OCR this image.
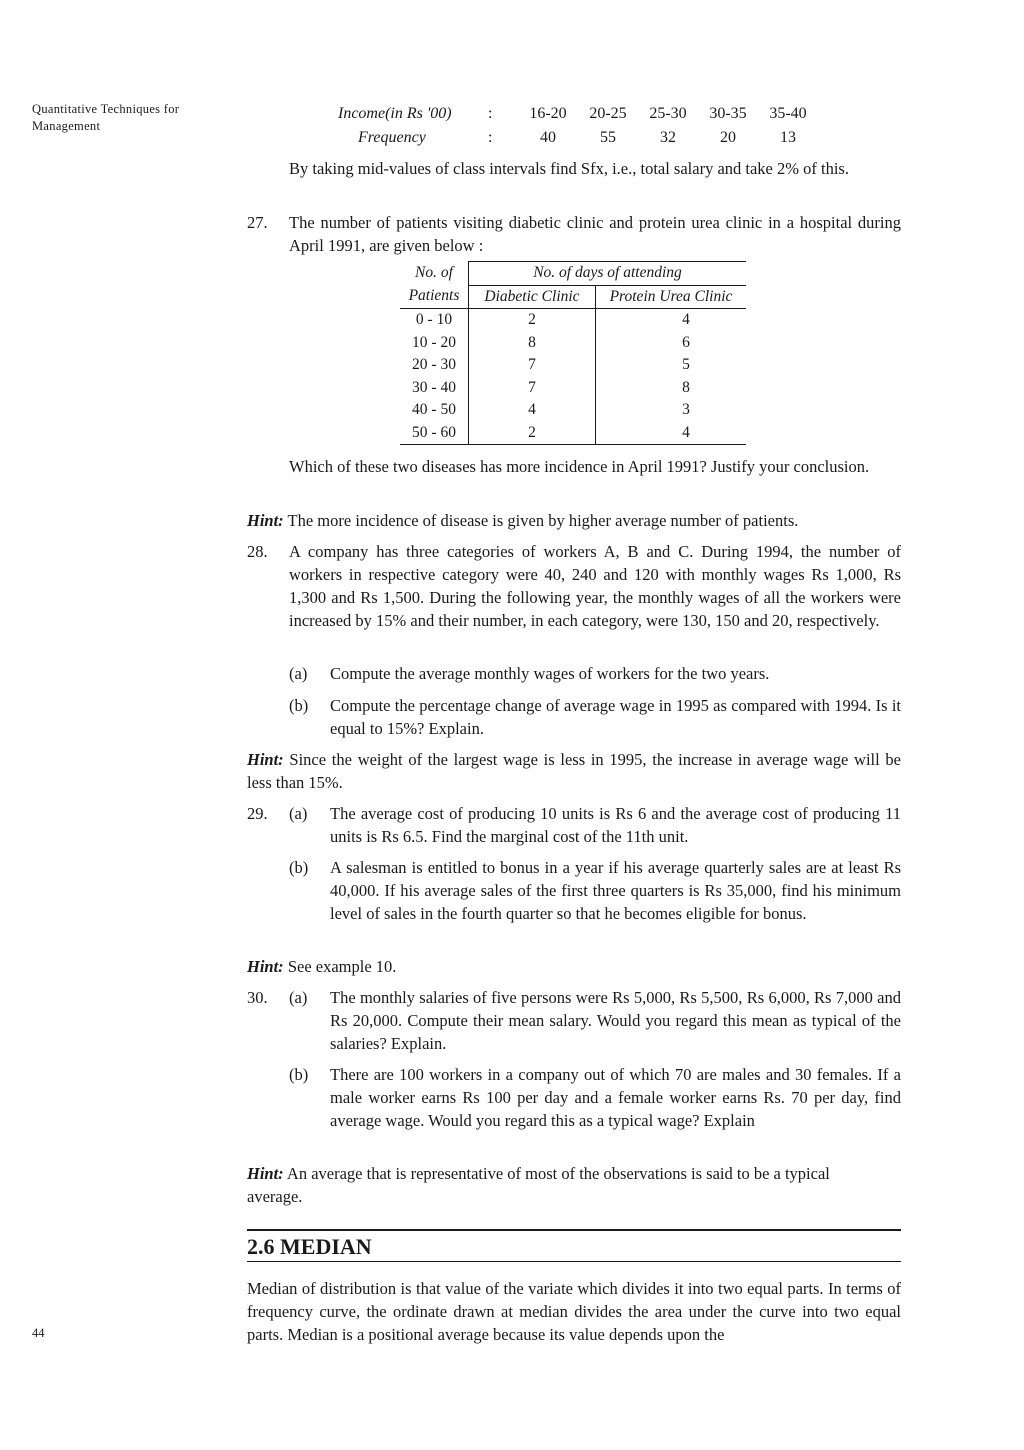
Quantitative Techniques for Management
Income(in Rs '00)	:	16-20	20-25	25-30	30-35	35-40
Frequency	:	40	55	32	20	13
By taking mid-values of class intervals find Sfx, i.e., total salary and take 2% of this.
27. The number of patients visiting diabetic clinic and protein urea clinic in a hospital during April 1991, are given below :
No. of	No. of days of attending	
Patients	Diabetic Clinic	Protein Urea Clinic
0 - 10	2	4
10 - 20	8	6
20 - 30	7	5
30 - 40	7	8
40 - 50	4	3
50 - 60	2	4
Which of these two diseases has more incidence in April 1991? Justify your conclusion.
Hint: The more incidence of disease is given by higher average number of patients.
28. A company has three categories of workers A, B and C. During 1994, the number of workers in respective category were 40, 240 and 120 with monthly wages Rs 1,000, Rs 1,300 and Rs 1,500. During the following year, the monthly wages of all the workers were increased by 15% and their number, in each category, were 130, 150 and 20, respectively.
(a) Compute the average monthly wages of workers for the two years.
(b) Compute the percentage change of average wage in 1995 as compared with 1994. Is it equal to 15%? Explain.
Hint: Since the weight of the largest wage is less in 1995, the increase in average wage will be less than 15%.
29. (a) The average cost of producing 10 units is Rs 6 and the average cost of producing 11 units is Rs 6.5. Find the marginal cost of the 11th unit.
(b) A salesman is entitled to bonus in a year if his average quarterly sales are at least Rs 40,000. If his average sales of the first three quarters is Rs 35,000, find his minimum level of sales in the fourth quarter so that he becomes eligible for bonus.
Hint: See example 10.
30. (a) The monthly salaries of five persons were Rs 5,000, Rs 5,500, Rs 6,000, Rs 7,000 and Rs 20,000. Compute their mean salary. Would you regard this mean as typical of the salaries? Explain.
(b) There are 100 workers in a company out of which 70 are males and 30 females. If a male worker earns Rs 100 per day and a female worker earns Rs. 70 per day, find average wage. Would you regard this as a typical wage? Explain
Hint: An average that is representative of most of the observations is said to be a typical average.
2.6 MEDIAN
Median of distribution is that value of the variate which divides it into two equal parts. In terms of frequency curve, the ordinate drawn at median divides the area under the curve into two equal parts. Median is a positional average because its value depends upon the
44
